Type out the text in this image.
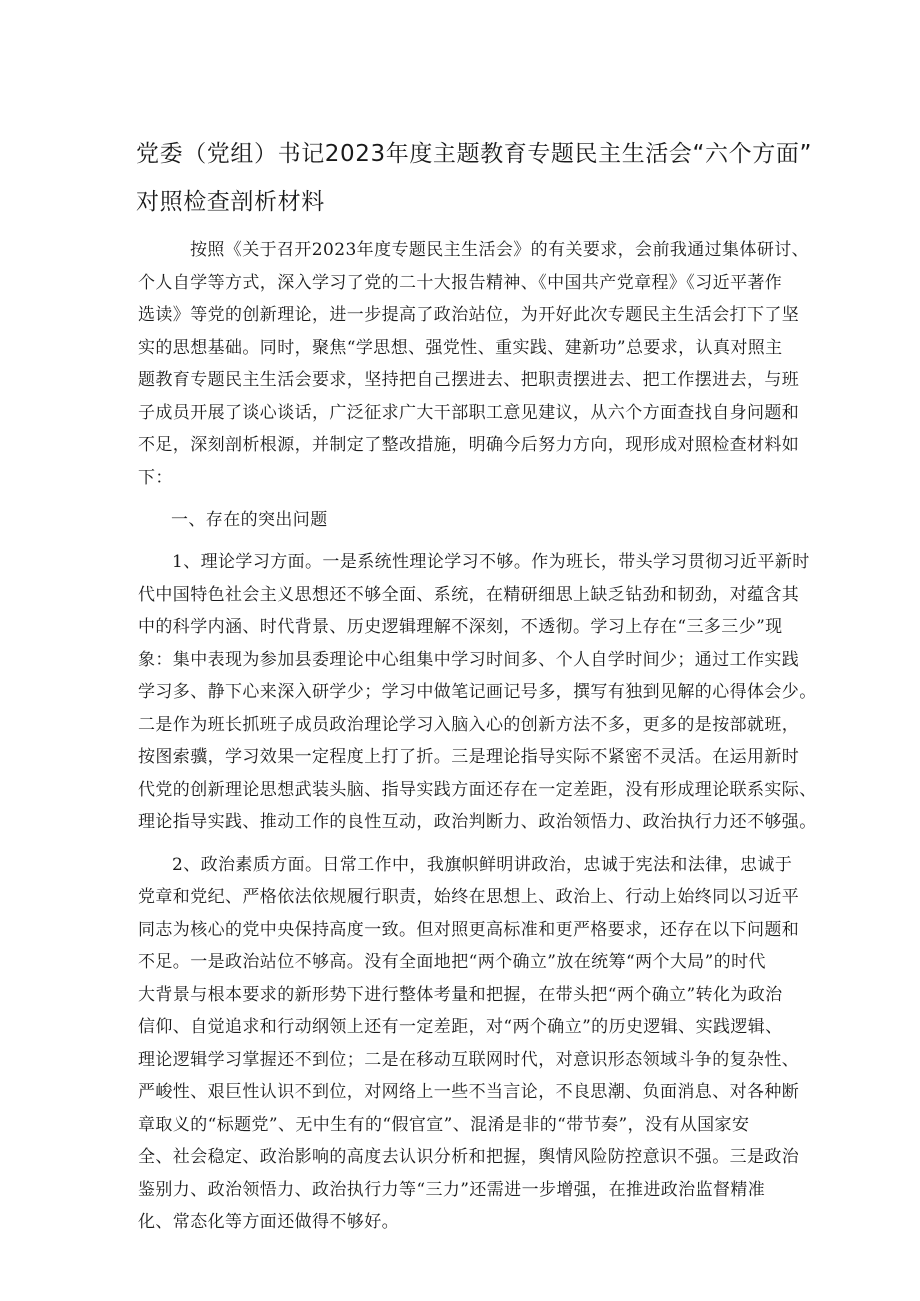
党委（党组）书记2023年度主题教育专题民主生活会“六个方面”
对照检查剖析材料
按照《关于召开2023年度专题民主生活会》的有关要求，会前我通过集体研讨、
个人自学等方式，深入学习了党的二十大报告精神、《中国共产党章程》《习近平著作
选读》等党的创新理论，进一步提高了政治站位，为开好此次专题民主生活会打下了坚
实的思想基础。同时，聚焦“学思想、强党性、重实践、建新功”总要求，认真对照主
题教育专题民主生活会要求，坚持把自己摆进去、把职责摆进去、把工作摆进去，与班
子成员开展了谈心谈话，广泛征求广大干部职工意见建议，从六个方面查找自身问题和
不足，深刻剖析根源，并制定了整改措施，明确今后努力方向，现形成对照检查材料如
下：
一、存在的突出问题
1、理论学习方面。一是系统性理论学习不够。作为班长，带头学习贯彻习近平新时
代中国特色社会主义思想还不够全面、系统，在精研细思上缺乏钻劲和韧劲，对蕴含其
中的科学内涵、时代背景、历史逻辑理解不深刻，不透彻。学习上存在“三多三少”现
象：集中表现为参加县委理论中心组集中学习时间多、个人自学时间少；通过工作实践
学习多、静下心来深入研学少；学习中做笔记画记号多，撰写有独到见解的心得体会少。
二是作为班长抓班子成员政治理论学习入脑入心的创新方法不多，更多的是按部就班，
按图索骥，学习效果一定程度上打了折。三是理论指导实际不紧密不灵活。在运用新时
代党的创新理论思想武装头脑、指导实践方面还存在一定差距，没有形成理论联系实际、
理论指导实践、推动工作的良性互动，政治判断力、政治领悟力、政治执行力还不够强。
2、政治素质方面。日常工作中，我旗帜鲜明讲政治，忠诚于宪法和法律，忠诚于
党章和党纪、严格依法依规履行职责，始终在思想上、政治上、行动上始终同以习近平
同志为核心的党中央保持高度一致。但对照更高标准和更严格要求，还存在以下问题和
不足。一是政治站位不够高。没有全面地把“两个确立”放在统筹“两个大局”的时代
大背景与根本要求的新形势下进行整体考量和把握，在带头把“两个确立”转化为政治
信仰、自觉追求和行动纲领上还有一定差距，对“两个确立”的历史逻辑、实践逻辑、
理论逻辑学习掌握还不到位；二是在移动互联网时代，对意识形态领域斗争的复杂性、
严峻性、艰巨性认识不到位，对网络上一些不当言论，不良思潮、负面消息、对各种断
章取义的“标题党”、无中生有的“假官宣”、混淆是非的“带节奏”，没有从国家安
全、社会稳定、政治影响的高度去认识分析和把握，舆情风险防控意识不强。三是政治
鉴别力、政治领悟力、政治执行力等“三力”还需进一步增强，在推进政治监督精准
化、常态化等方面还做得不够好。
